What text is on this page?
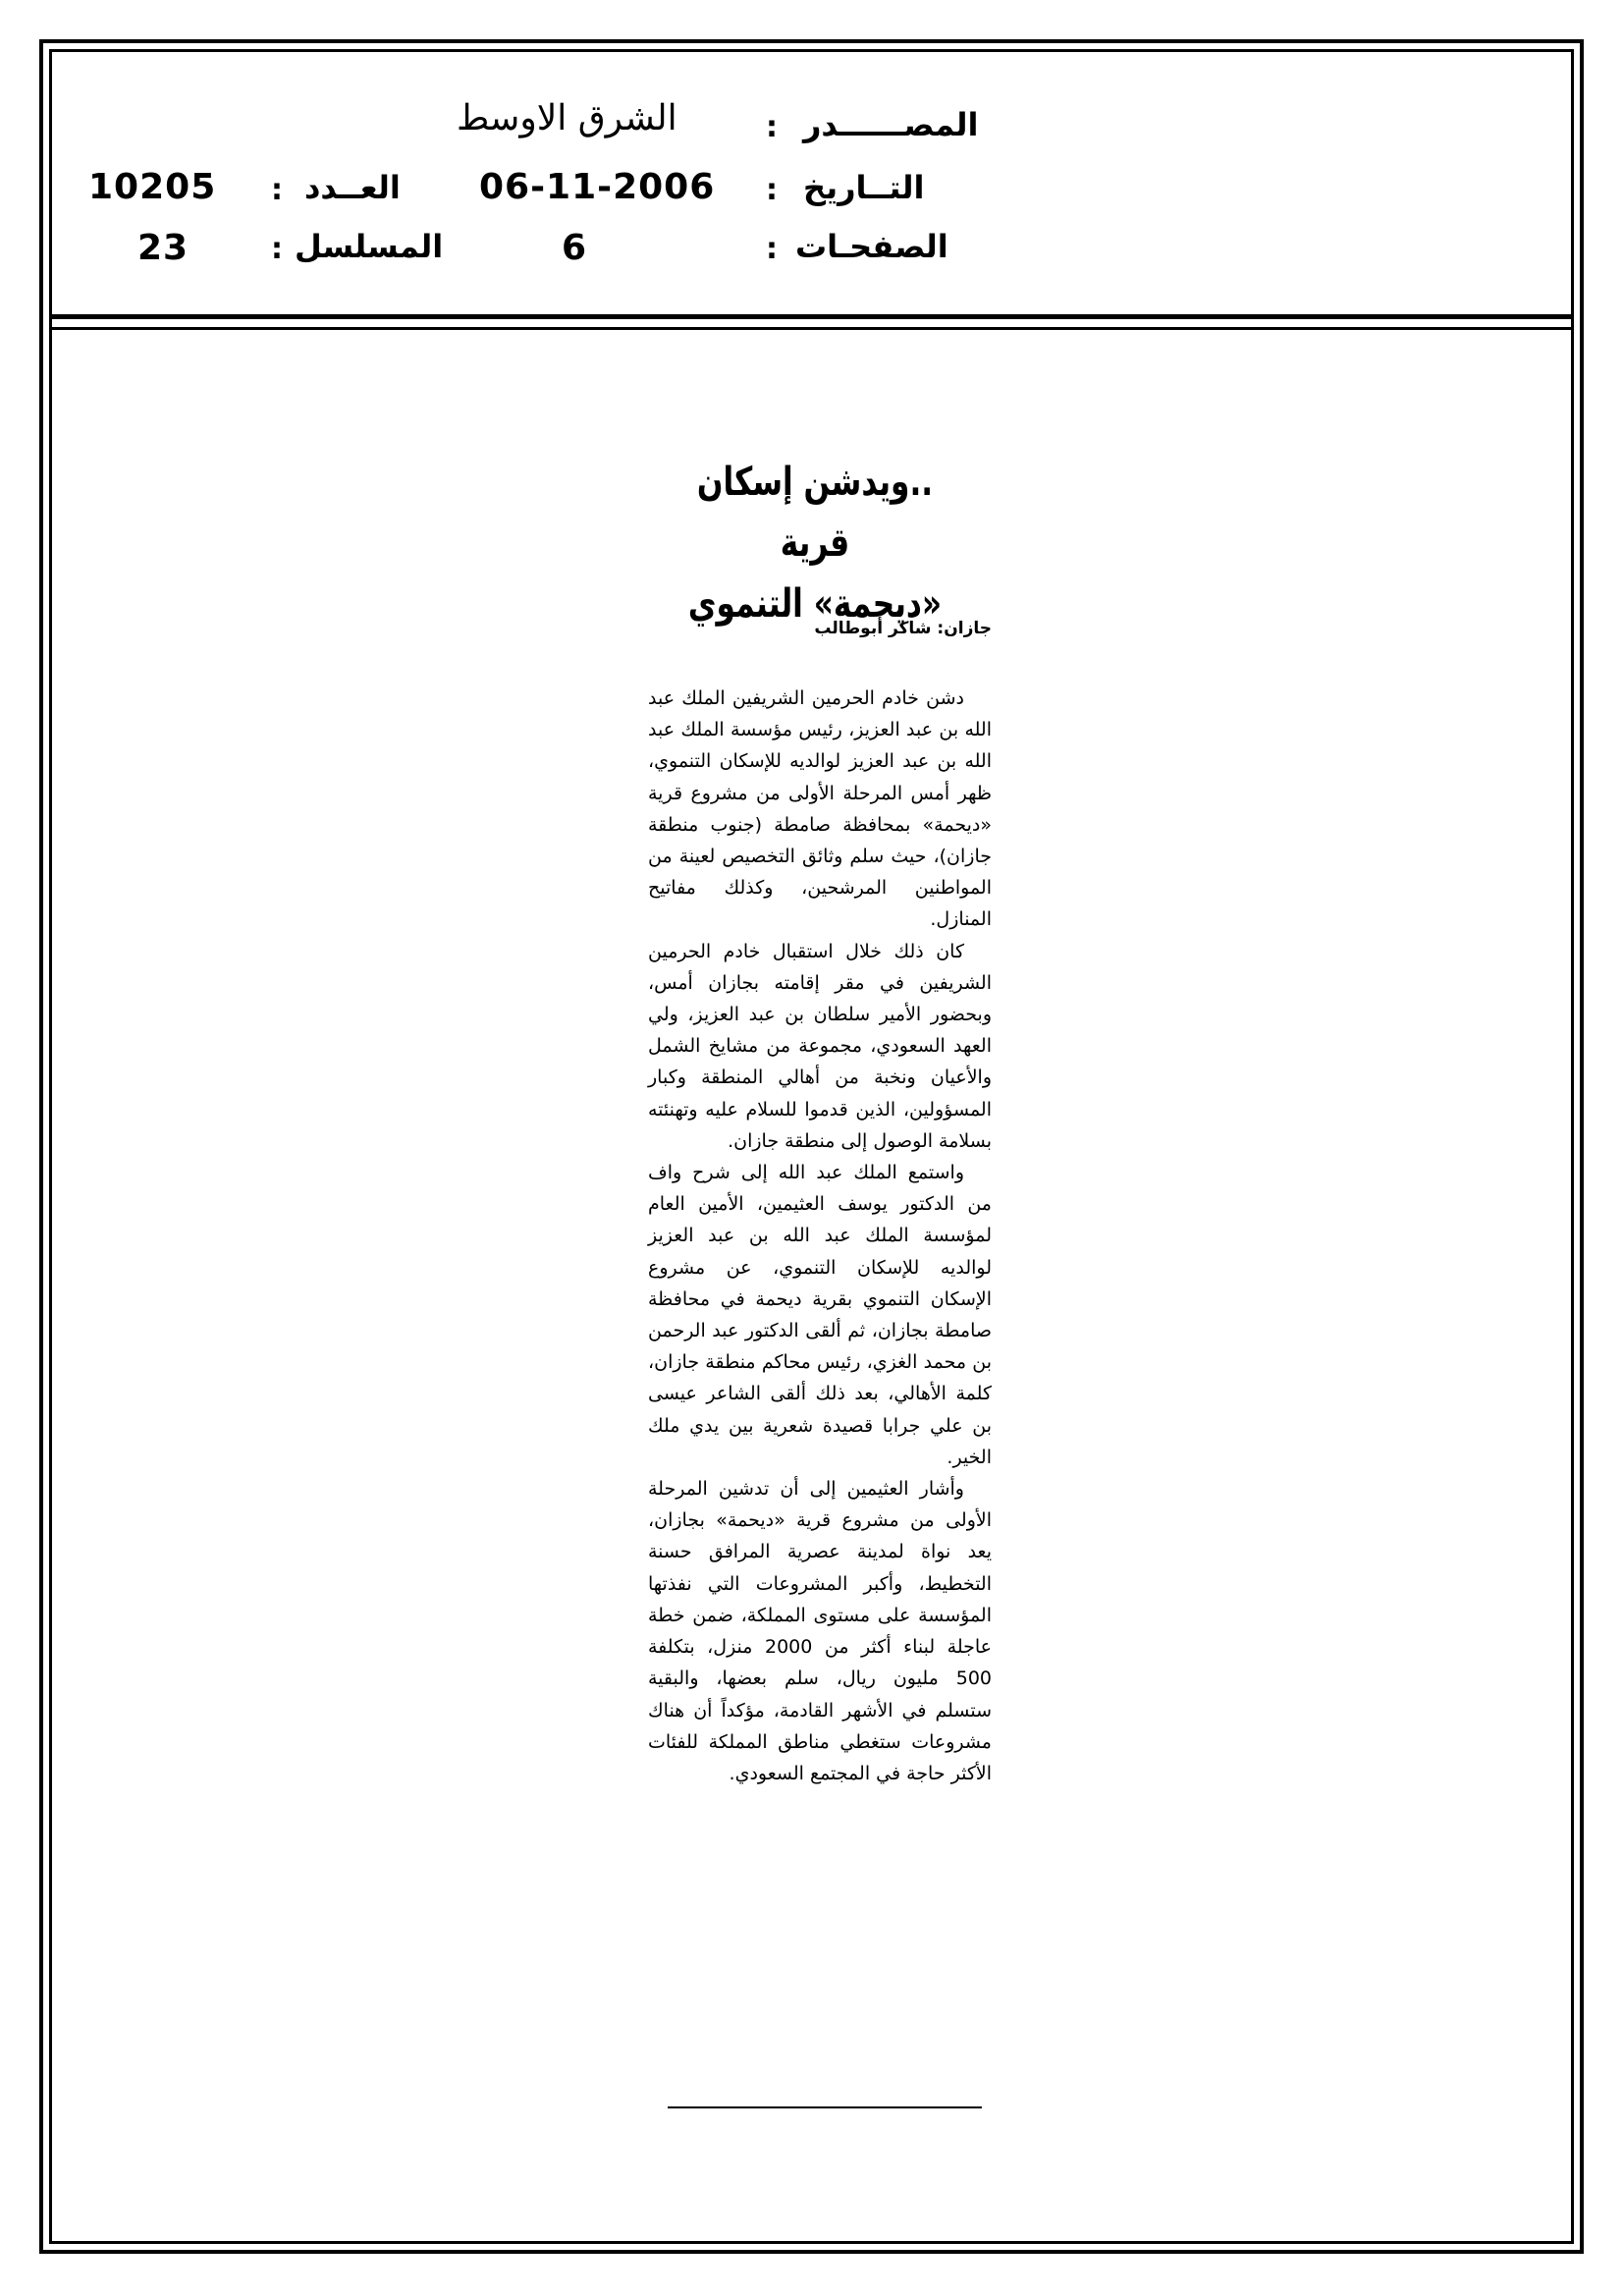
المصــــــدر
:
الشرق الاوسط
التــاريخ
:
06-11-2006
العــدد
:
10205
الصفحـات
:
6
المسلسل
:
23
..ويدشن إسكان قرية
«ديحمة» التنموي
جازان: شاكر أبوطالب

دشن خادم الحرمين الشريفين الملك عبد الله بن عبد العزيز، رئيس مؤسسة الملك عبد الله بن عبد العزيز لوالديه للإسكان التنموي، ظهر أمس المرحلة الأولى من مشروع قرية «ديحمة» بمحافظة صامطة (جنوب منطقة جازان)، حيث سلم وثائق التخصيص لعينة من المواطنين المرشحين، وكذلك مفاتيح المنازل.

كان ذلك خلال استقبال خادم الحرمين الشريفين في مقر إقامته بجازان أمس، وبحضور الأمير سلطان بن عبد العزيز، ولي العهد السعودي، مجموعة من مشايخ الشمل والأعيان ونخبة من أهالي المنطقة وكبار المسؤولين، الذين قدموا للسلام عليه وتهنئته بسلامة الوصول إلى منطقة جازان.

واستمع الملك عبد الله إلى شرح واف من الدكتور يوسف العثيمين، الأمين العام لمؤسسة الملك عبد الله بن عبد العزيز لوالديه للإسكان التنموي، عن مشروع الإسكان التنموي بقرية ديحمة في محافظة صامطة بجازان، ثم ألقى الدكتور عبد الرحمن بن محمد الغزي، رئيس محاكم منطقة جازان، كلمة الأهالي، بعد ذلك ألقى الشاعر عيسى بن علي جرابا قصيدة شعرية بين يدي ملك الخير.

وأشار العثيمين إلى أن تدشين المرحلة الأولى من مشروع قرية «ديحمة» بجازان، يعد نواة لمدينة عصرية المرافق حسنة التخطيط، وأكبر المشروعات التي نفذتها المؤسسة على مستوى المملكة، ضمن خطة عاجلة لبناء أكثر من 2000 منزل، بتكلفة 500 مليون ريال، سلم بعضها، والبقية ستسلم في الأشهر القادمة، مؤكداً أن هناك مشروعات ستغطي مناطق المملكة للفئات الأكثر حاجة في المجتمع السعودي.
